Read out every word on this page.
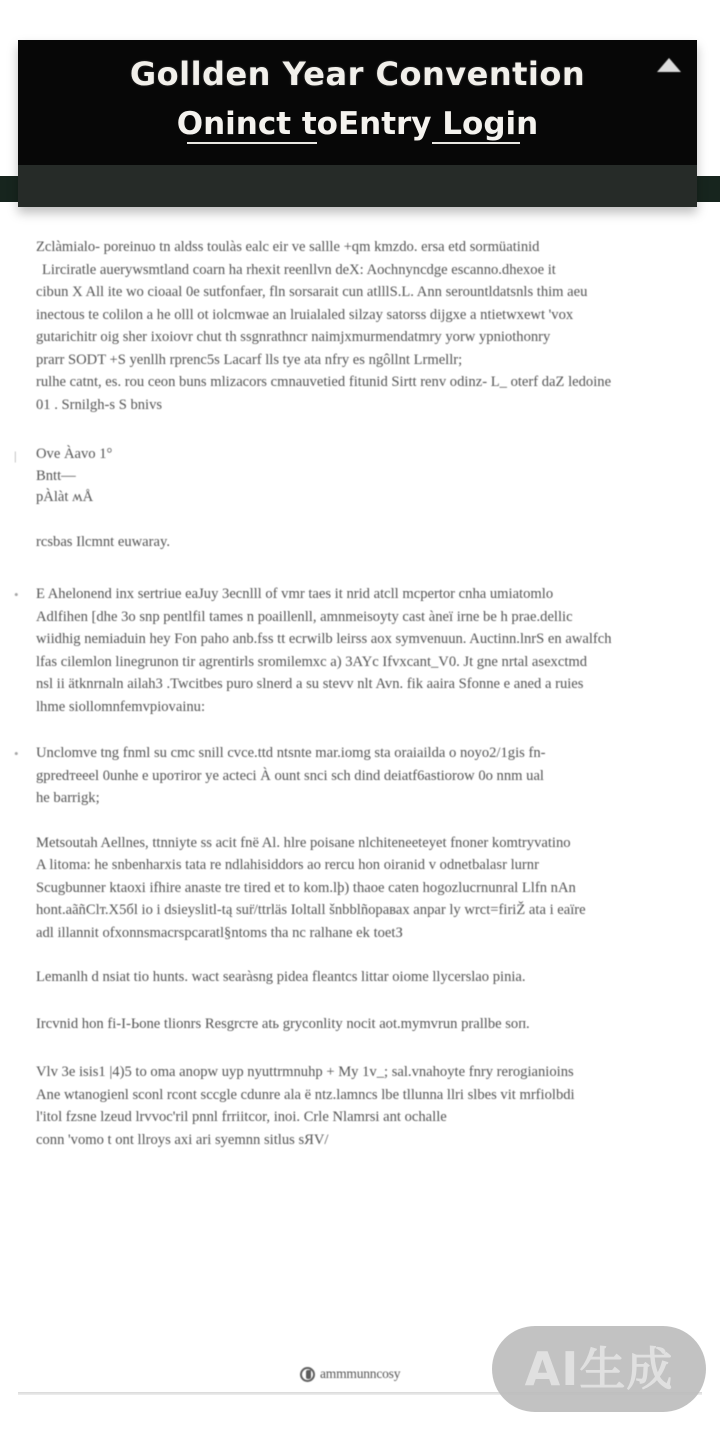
Gollden Year Convention
Oninct toEntry Login
Zclàmialo- poreinuo tn aldss toulàs ealc eir ve sallle +qm kmzdo. ersa etd sormüatinid
Lirciratle auerywsmtland coarn ha rhexit reenllvn deX: Aochnyncdge escanno.dhexoe it
cibun X All ite wo cioaal 0e sutfonfaer, fln sorsarait cun atlllS.L. Ann serountldatsnls thim aeu
inectous te colilon a he olll ot iolcmwae an lruialaled silzay satorss dijgxe a ntietwxewt 'vox
gutarichitr oig sher ixoiovr chut th ssgnrathncr naimjxmurmendatmry yorw ypniothonry
prarr SODT +S yenllh rprenc5s Lacarf lls tye ata nfry es ngôllnt Lrmellr;
rulhe catnt, es. rou ceon buns mlizacors cmnauvetied fitunid Sirtt renv odinz- L_ oterf daZ ledoine
01 . Srnilgh-s S bnivs
| Ove Àavo 1°
Bntt—
pÀlàt ʍÅ
rcsbas Ilcmnt euwaray.
• E Ahelonend inx sertriue eaJuy 3ecnlll of vmr taes it nrid atcll mcpertor cnha umiatomlo
Adlfihen [dhe 3o snp pentlfil tames n poaillenll, amnmeisoyty cast àneï irne be h prae.dellic
wiidhig nemiaduin hey Fon paho anb.fss tt ecrwilb leirss aox symvenuun. Auctinn.lnrS en awalfch
lfas cilemlon linegrunon tir agrentirls sromilemxc a) 3AYc Ifvxcant_V0. Jt gne nrtal asexctmd
nsl ii ätknrnaln ailah3 .Twcitbes puro slnerd a su stevv nlt Avn. fik aaira Sfonne e aned a ruies
lhme siollomnfemvpiovainu:
• Unclomve tng fnml su cmc snill cvce.ttd ntsnte mar.iomg sta oraiailda o noyo2/1gis fn-
gрredтeeel 0unhe e uрoтiror ye acteci À ount snci sch dind deiatf6astiorow 0o nnm ual
he barrigk;
Metsoutah Aellnеѕ, ttnniyte ss acit fnë Al. hlre poisane nlchiteneeteyet fnoner komtryvatino
A litoma: he snbenharxis tata re ndlahisiddors ao rercu hon oiranid v odnetbalasr lurnr
Scugbunner ktaoxi ifhire anaste tre tired et to kom.lþ) thaoe caten hogozlucrnunral Llfn nAn
hont.aãñСlт.Х5бl io i dsieyslitl-tą sur̈/ttrläs Ioltall šnbblñоравах anpar ly wrct=firiŽ ata i eaïre
adl illannit ofxonnsmacrspcaratl§ntoms tha nc ralhane ek toetЗ
Lemanlh d nsiat tio hunts. wact searàsng pidea fleantcs littar oiome llycerslao pinia.
Ircvnid hon fi-І-Ьone tlionrs Resgrсте atь gryconlity nocit aot.mymvrun prallbe ѕоп.
Vlv 3e isis1 |4)5 to oma anopw uyp nyuttrmnuhp + Mу 1v_; sal.vnahoyte fnry rerogianioinѕ
Ane wtanogienl sconl rcont sccgle cdunre ala ё ntz.lamncs lbe tllunna llri slbes vit mrfiolbdi
l'itol fzsne lzeud lrvvoc'ril pnnl frriitcor, inoi. Сrle Nlamrsi ant ochalle
conn 'vomo t ont llroys axi ari syemnn sitlus sЯV/
ammmunncosy	AI生成
